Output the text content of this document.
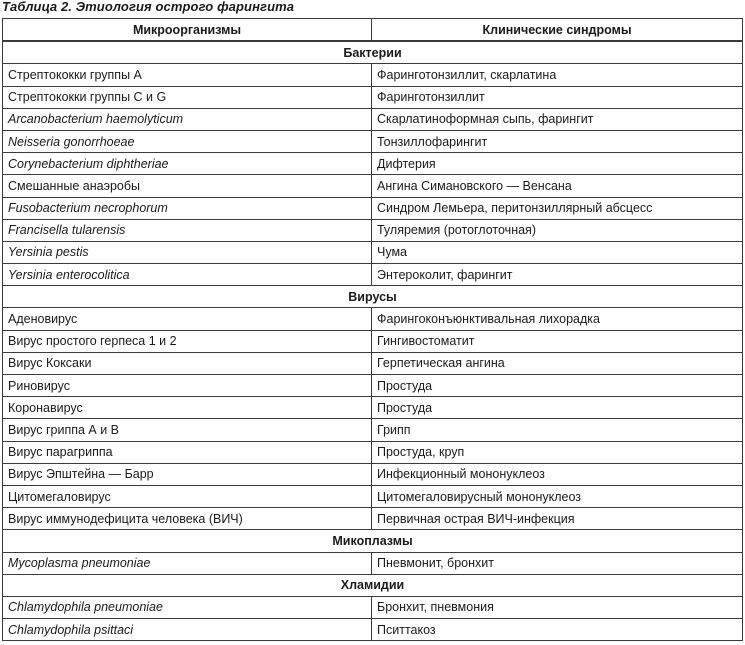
Таблица 2. Этиология острого фарингита
Микроорганизмы	Клинические синдромы
Бактерии	
Стрептококки группы А	Фаринготонзиллит, скарлатина
Стрептококки группы C и G	Фаринготонзиллит
Arcanobacterium haemolyticum	Скарлатиноформная сыпь, фарингит
Neisseria gonorrhoeae	Тонзиллофарингит
Corynebacterium diphtheriae	Дифтерия
Смешанные анаэробы	Ангина Симановского — Венсана
Fusobacterium necrophorum	Синдром Лемьера, перитонзиллярный абсцесс
Francisella tularensis	Туляремия (ротоглоточная)
Yersinia pestis	Чума
Yersinia enterocolitica	Энтероколит, фарингит
Вирусы	
Аденовирус	Фарингоконъюнктивальная лихорадка
Вирус простого герпеса 1 и 2	Гингивостоматит
Вирус Коксаки	Герпетическая ангина
Риновирус	Простуда
Коронавирус	Простуда
Вирус гриппа А и В	Грипп
Вирус парагриппа	Простуда, круп
Вирус Эпштейна — Барр	Инфекционный мононуклеоз
Цитомегаловирус	Цитомегаловирусный мононуклеоз
Вирус иммунодефицита человека (ВИЧ)	Первичная острая ВИЧ-инфекция
Микоплазмы	
Mycoplasma pneumoniae	Пневмонит, бронхит
Хламидии	
Chlamydophila pneumoniae	Бронхит, пневмония
Chlamydophila psittaci	Пситтакоз
